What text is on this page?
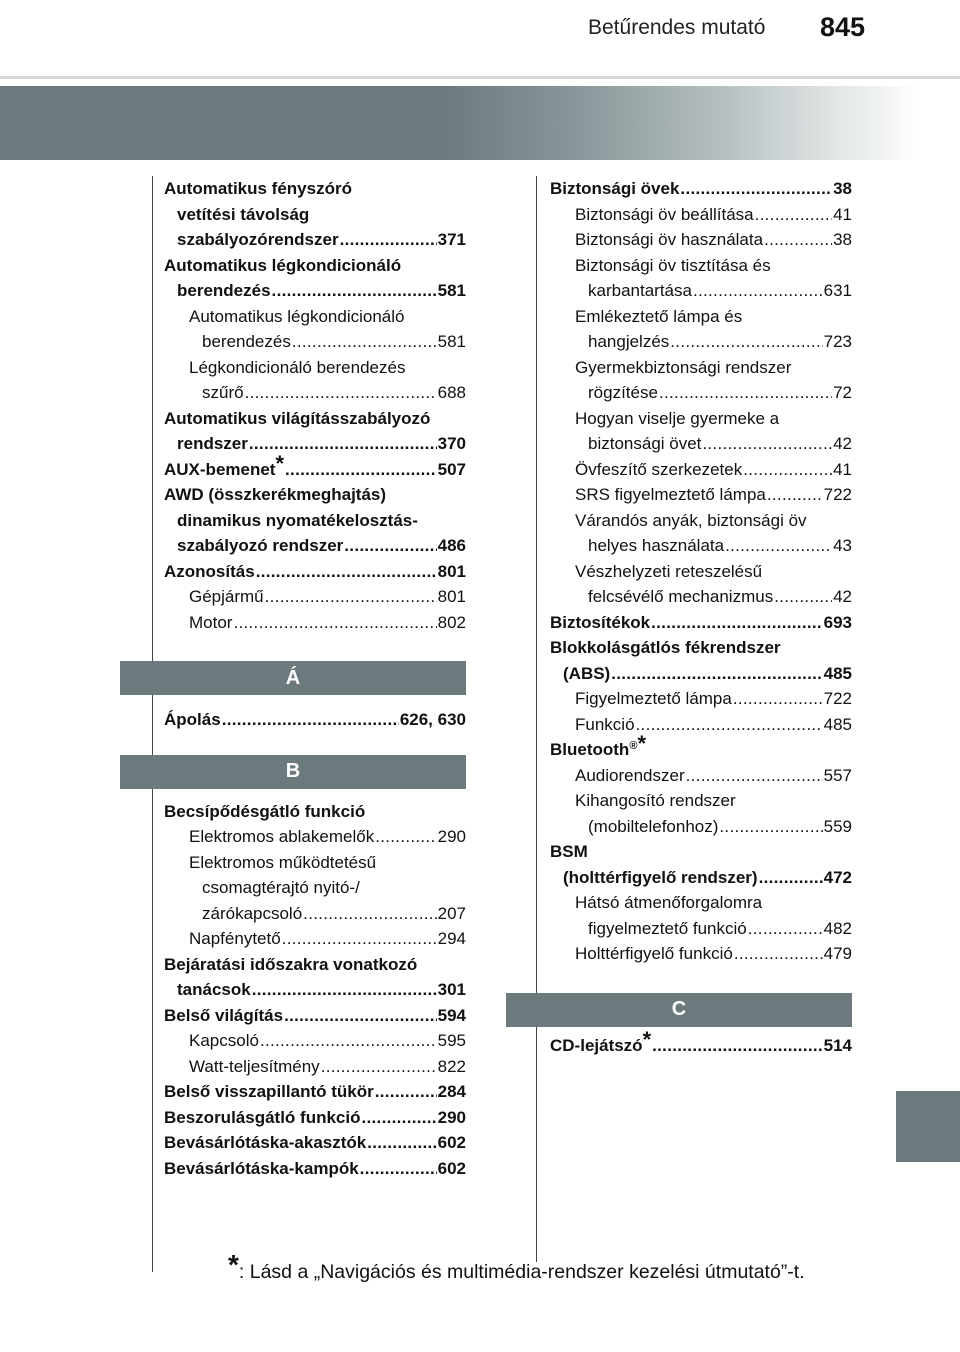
Betűrendes mutató 845
Automatikus fényszóró
vetítési távolság
szabályozórendszer .....	371
Automatikus légkondicionáló
berendezés .....	581
Automatikus légkondicionáló
berendezés .....	581
Légkondicionáló berendezés
szűrő .....	688
Automatikus világításszabályozó
rendszer .....	370
AUX-bemenet* .....	507
AWD (összkerékmeghajtás)
dinamikus nyomatékelosztás-
szabályozó rendszer .....	486
Azonosítás .....	801
Gépjármű .....	801
Motor .....	802
Á
Ápolás .....	626, 630
B
Becsípődésgátló funkció
Elektromos ablakemelők .....	290
Elektromos működtetésű
csomagtérajtó nyitó-/
zárókapcsoló .....	207
Napfénytető .....	294
Bejáratási időszakra vonatkozó
tanácsok .....	301
Belső világítás .....	594
Kapcsoló .....	595
Watt-teljesítmény .....	822
Belső visszapillantó tükör .....	284
Beszorulásgátló funkció .....	290
Bevásárlótáska-akasztók .....	602
Bevásárlótáska-kampók .....	602
Biztonsági övek .....	38
Biztonsági öv beállítása .....	41
Biztonsági öv használata .....	38
Biztonsági öv tisztítása és
karbantartása .....	631
Emlékeztető lámpa és
hangjelzés .....	723
Gyermekbiztonsági rendszer
rögzítése .....	72
Hogyan viselje gyermeke a
biztonsági övet .....	42
Övfeszítő szerkezetek .....	41
SRS figyelmeztető lámpa .....	722
Várandós anyák, biztonsági öv
helyes használata .....	43
Vészhelyzeti reteszelésű
felcsévélő mechanizmus .....	42
Biztosítékok .....	693
Blokkolásgátlós fékrendszer
(ABS) .....	485
Figyelmeztető lámpa .....	722
Funkció .....	485
Bluetooth®*
Audiorendszer .....	557
Kihangosító rendszer
(mobiltelefonhoz) .....	559
BSM
(holttérfigyelő rendszer) .....	472
Hátsó átmenőforgalomra
figyelmeztető funkció .....	482
Holttérfigyelő funkció .....	479
C
CD-lejátszó* .....	514
*: Lásd a „Navigációs és multimédia-rendszer kezelési útmutató”-t.
